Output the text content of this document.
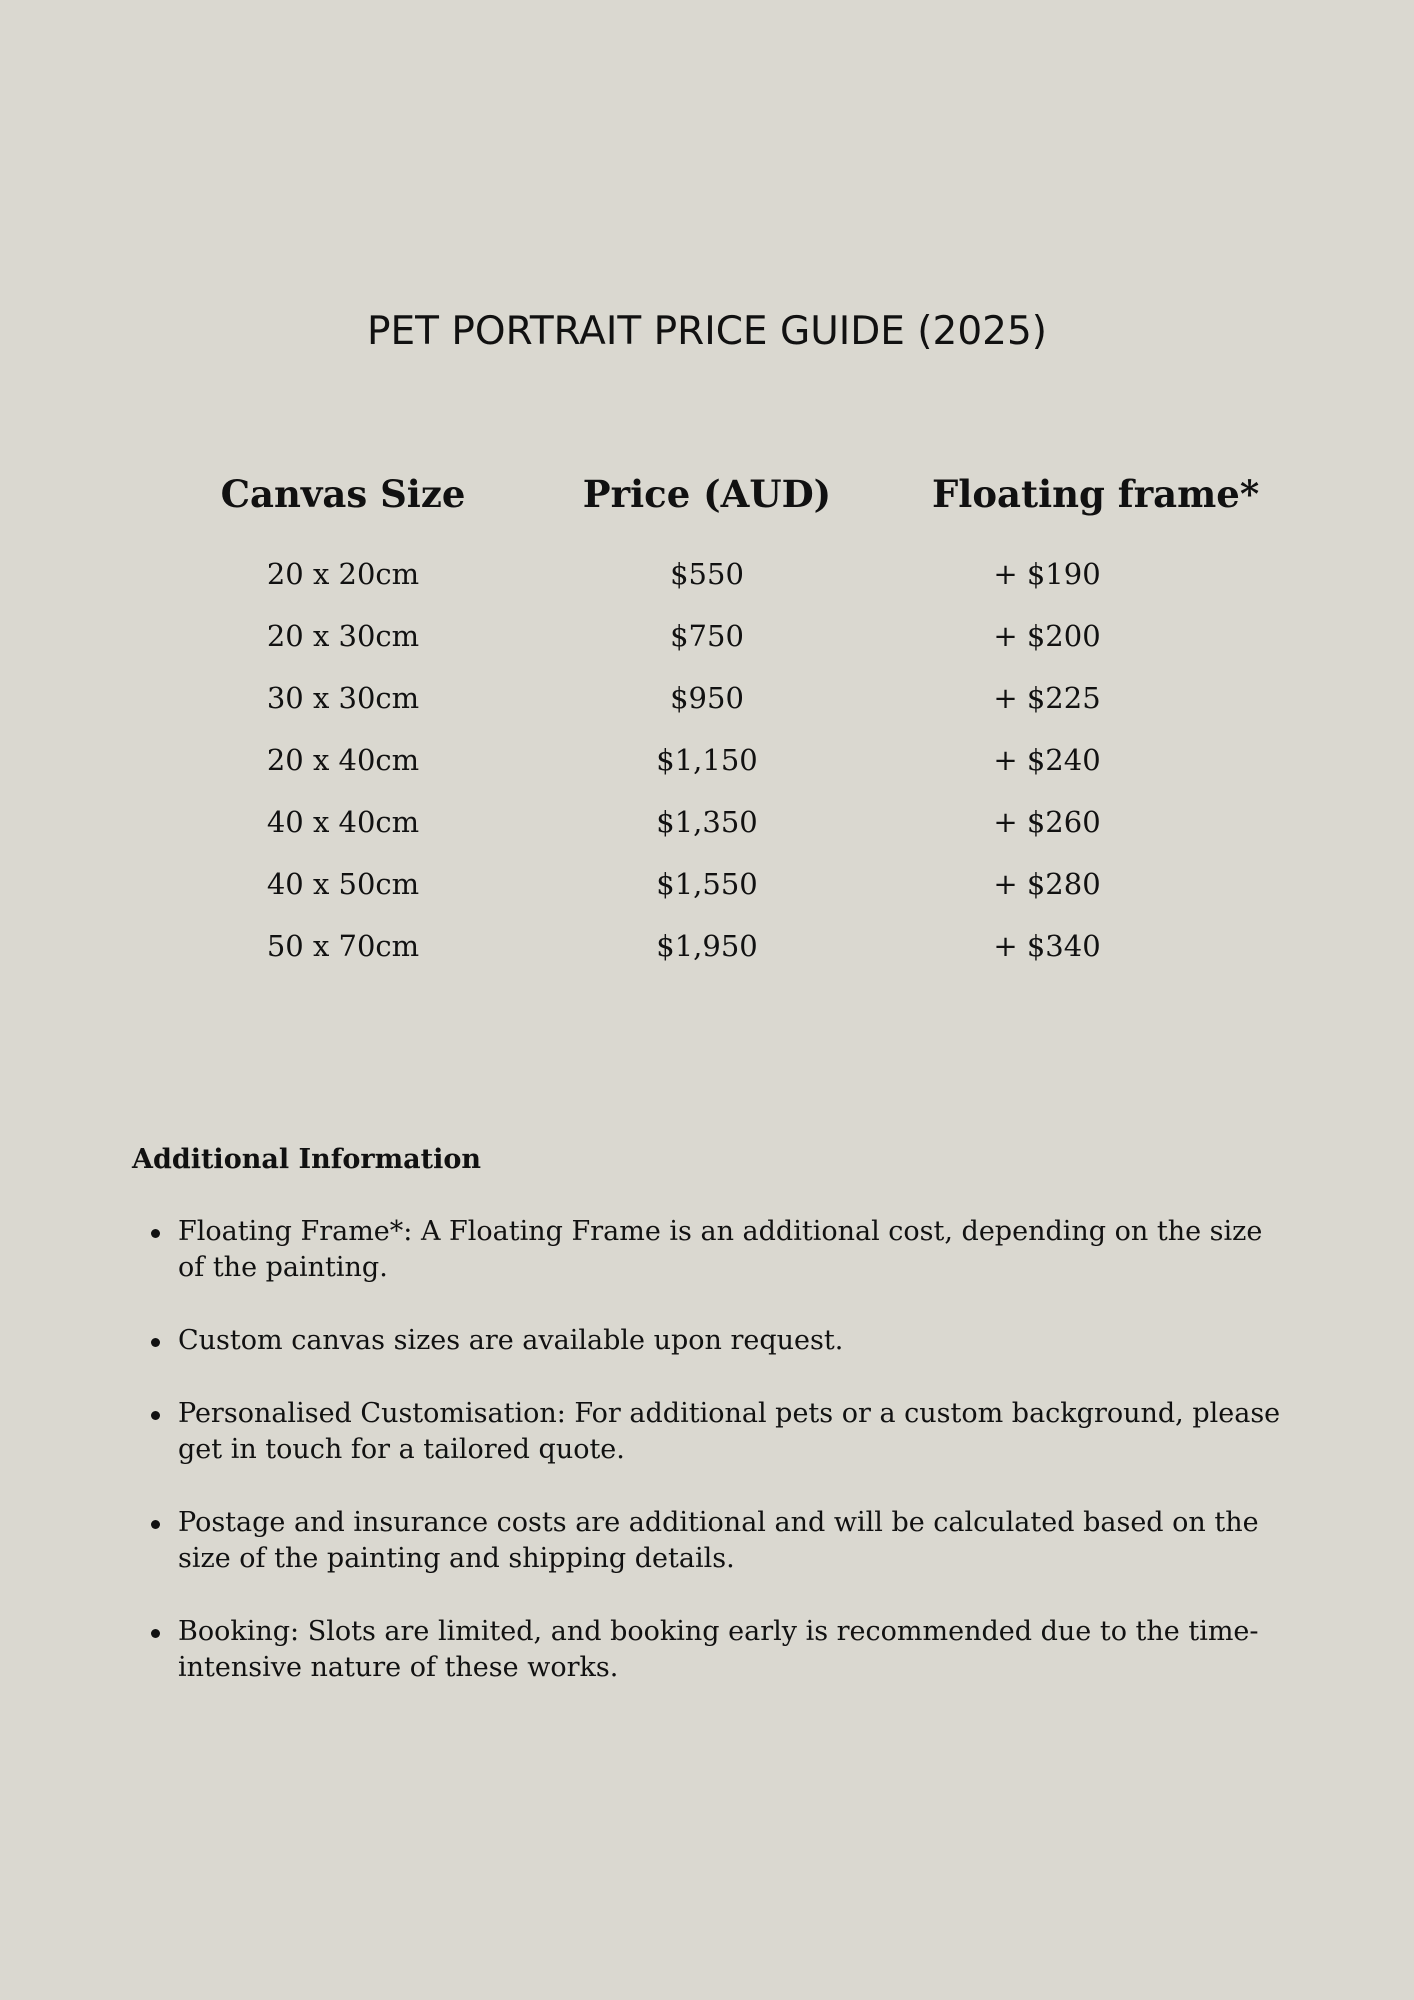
PET PORTRAIT PRICE GUIDE (2025)
Canvas Size	Price (AUD)	Floating frame*
20 x 20cm	$550	+ $190
20 x 30cm	$750	+ $200
30 x 30cm	$950	+ $225
20 x 40cm	$1,150	+ $240
40 x 40cm	$1,350	+ $260
40 x 50cm	$1,550	+ $280
50 x 70cm	$1,950	+ $340
Additional Information
Floating Frame*: A Floating Frame is an additional cost, depending on the size of the painting.
Custom canvas sizes are available upon request.
Personalised Customisation: For additional pets or a custom background, please get in touch for a tailored quote.
Postage and insurance costs are additional and will be calculated based on the size of the painting and shipping details.
Booking: Slots are limited, and booking early is recommended due to the time-intensive nature of these works.
